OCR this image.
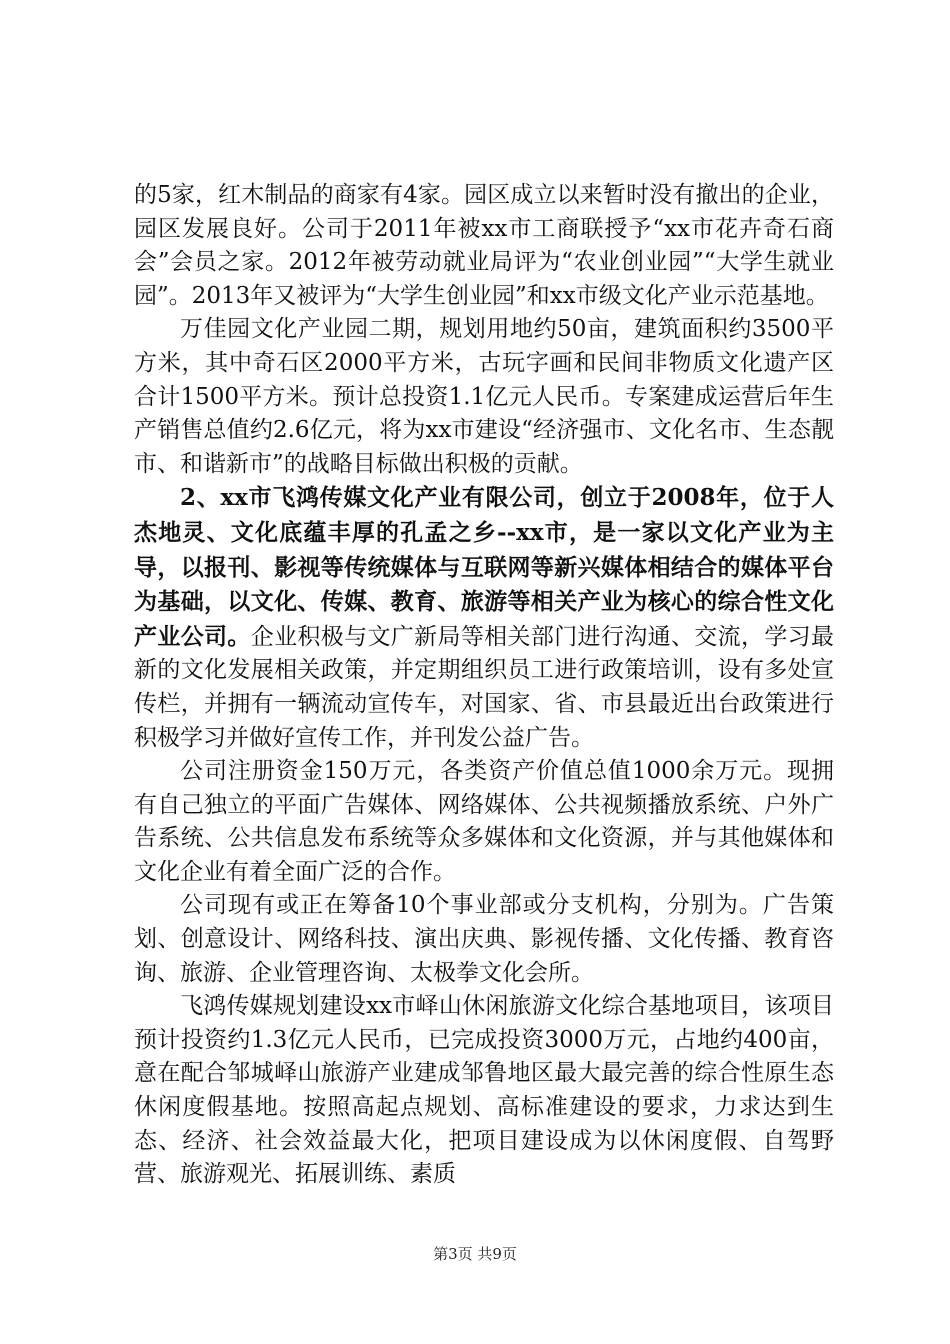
的5家，红木制品的商家有4家。园区成立以来暂时没有撤出的企业，园区发展良好。公司于2011年被xx市工商联授予“xx市花卉奇石商会”会员之家。2012年被劳动就业局评为“农业创业园”“大学生就业园”。2013年又被评为“大学生创业园”和xx市级文化产业示范基地。

万佳园文化产业园二期，规划用地约50亩，建筑面积约3500平方米，其中奇石区2000平方米，古玩字画和民间非物质文化遗产区合计1500平方米。预计总投资1.1亿元人民币。专案建成运营后年生产销售总值约2.6亿元，将为xx市建设“经济强市、文化名市、生态靓市、和谐新市”的战略目标做出积极的贡献。

2、xx市飞鸿传媒文化产业有限公司，创立于2008年，位于人杰地灵、文化底蕴丰厚的孔孟之乡--xx市，是一家以文化产业为主导，以报刊、影视等传统媒体与互联网等新兴媒体相结合的媒体平台为基础，以文化、传媒、教育、旅游等相关产业为核心的综合性文化产业公司。企业积极与文广新局等相关部门进行沟通、交流，学习最新的文化发展相关政策，并定期组织员工进行政策培训，设有多处宣传栏，并拥有一辆流动宣传车，对国家、省、市县最近出台政策进行积极学习并做好宣传工作，并刊发公益广告。

公司注册资金150万元，各类资产价值总值1000余万元。现拥有自己独立的平面广告媒体、网络媒体、公共视频播放系统、户外广告系统、公共信息发布系统等众多媒体和文化资源，并与其他媒体和文化企业有着全面广泛的合作。

公司现有或正在筹备10个事业部或分支机构，分别为。广告策划、创意设计、网络科技、演出庆典、影视传播、文化传播、教育咨询、旅游、企业管理咨询、太极拳文化会所。

飞鸿传媒规划建设xx市峄山休闲旅游文化综合基地项目，该项目预计投资约1.3亿元人民币，已完成投资3000万元，占地约400亩，意在配合邹城峄山旅游产业建成邹鲁地区最大最完善的综合性原生态休闲度假基地。按照高起点规划、高标准建设的要求，力求达到生态、经济、社会效益最大化，把项目建设成为以休闲度假、自驾野营、旅游观光、拓展训练、素质

第3页 共9页
